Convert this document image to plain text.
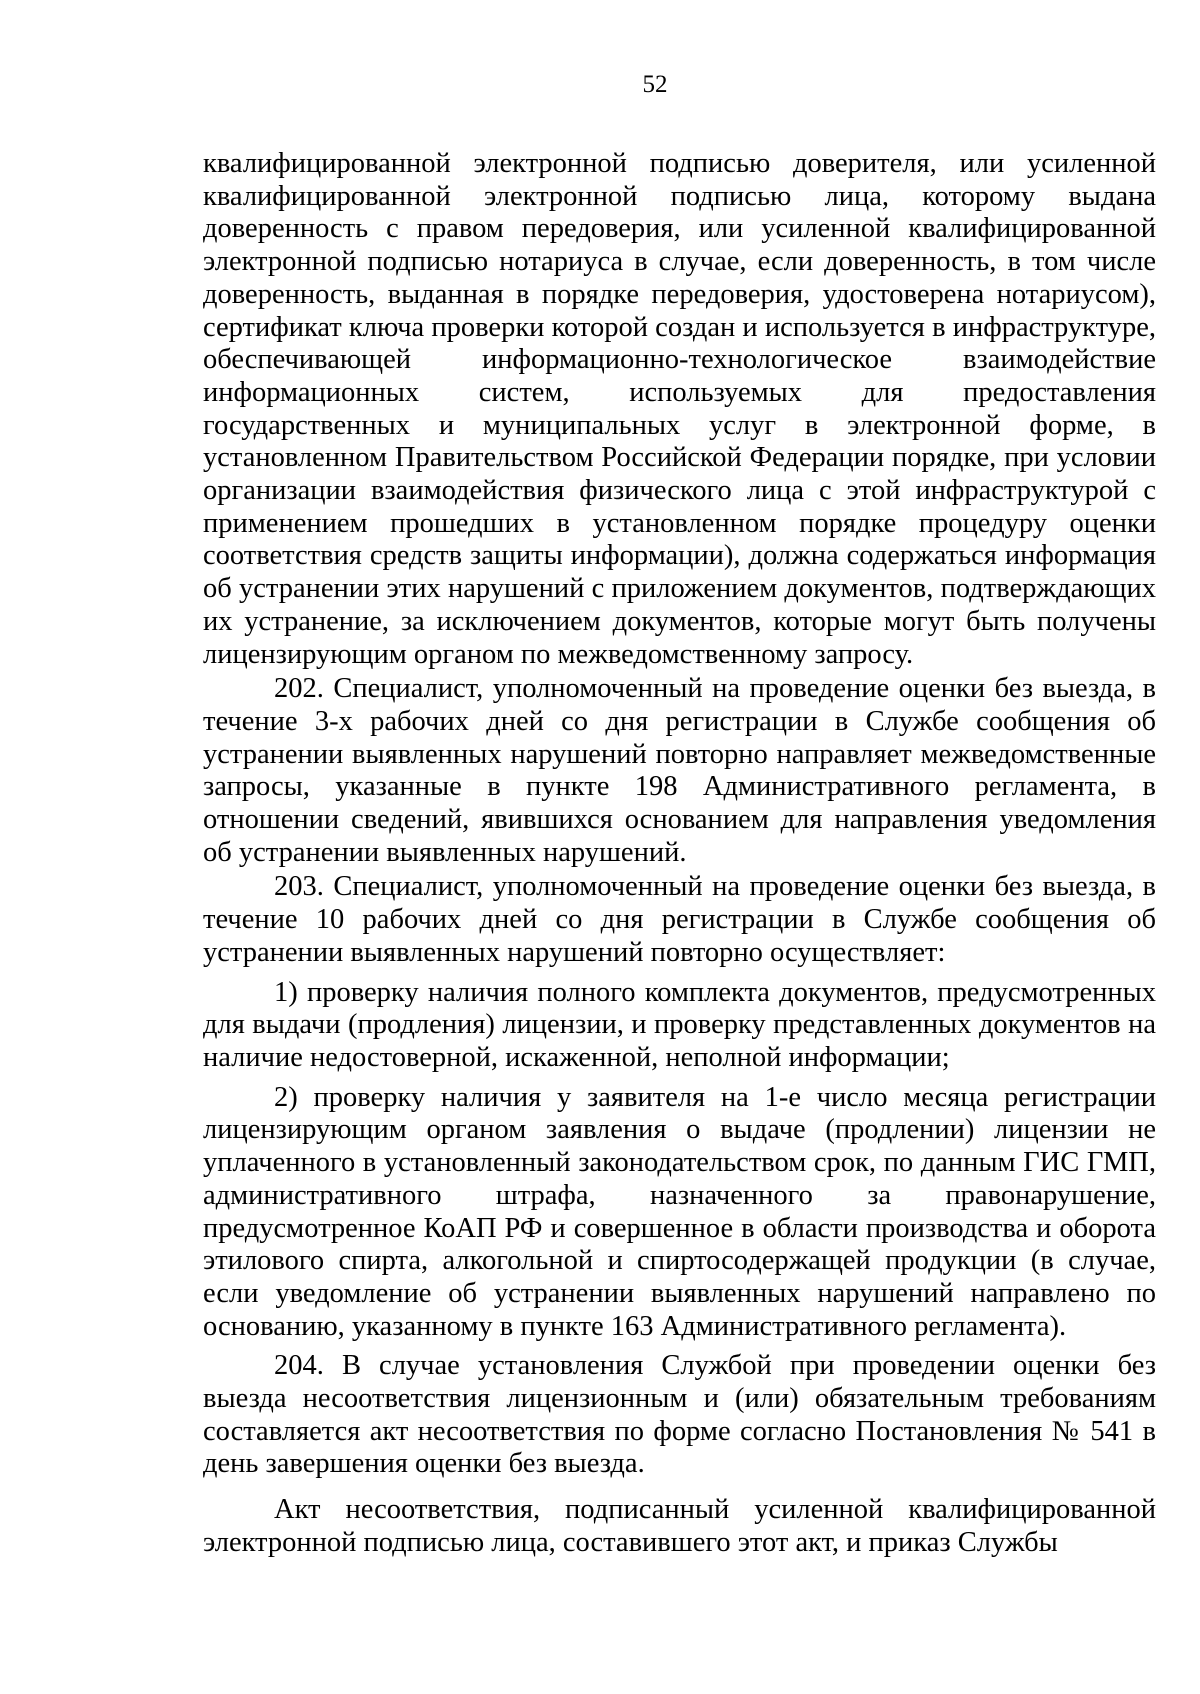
52

квалифицированной электронной подписью доверителя, или усиленной квалифицированной электронной подписью лица, которому выдана доверенность с правом передоверия, или усиленной квалифицированной электронной подписью нотариуса в случае, если доверенность, в том числе доверенность, выданная в порядке передоверия, удостоверена нотариусом), сертификат ключа проверки которой создан и используется в инфраструктуре, обеспечивающей информационно-технологическое взаимодействие информационных систем, используемых для предоставления государственных и муниципальных услуг в электронной форме, в установленном Правительством Российской Федерации порядке, при условии организации взаимодействия физического лица с этой инфраструктурой с применением прошедших в установленном порядке процедуру оценки соответствия средств защиты информации), должна содержаться информация об устранении этих нарушений с приложением документов, подтверждающих их устранение, за исключением документов, которые могут быть получены лицензирующим органом по межведомственному запросу.

202. Специалист, уполномоченный на проведение оценки без выезда, в течение 3-х рабочих дней со дня регистрации в Службе сообщения об устранении выявленных нарушений повторно направляет межведомственные запросы, указанные в пункте 198 Административного регламента, в отношении сведений, явившихся основанием для направления уведомления об устранении выявленных нарушений.

203. Специалист, уполномоченный на проведение оценки без выезда, в течение 10 рабочих дней со дня регистрации в Службе сообщения об устранении выявленных нарушений повторно осуществляет:

1) проверку наличия полного комплекта документов, предусмотренных для выдачи (продления) лицензии, и проверку представленных документов на наличие недостоверной, искаженной, неполной информации;

2) проверку наличия у заявителя на 1-е число месяца регистрации лицензирующим органом заявления о выдаче (продлении) лицензии не уплаченного в установленный законодательством срок, по данным ГИС ГМП, административного штрафа, назначенного за правонарушение, предусмотренное КоАП РФ и совершенное в области производства и оборота этилового спирта, алкогольной и спиртосодержащей продукции (в случае, если уведомление об устранении выявленных нарушений направлено по основанию, указанному в пункте 163 Административного регламента).

204. В случае установления Службой при проведении оценки без выезда несоответствия лицензионным и (или) обязательным требованиям составляется акт несоответствия по форме согласно Постановления № 541 в день завершения оценки без выезда.

Акт несоответствия, подписанный усиленной квалифицированной электронной подписью лица, составившего этот акт, и приказ Службы
